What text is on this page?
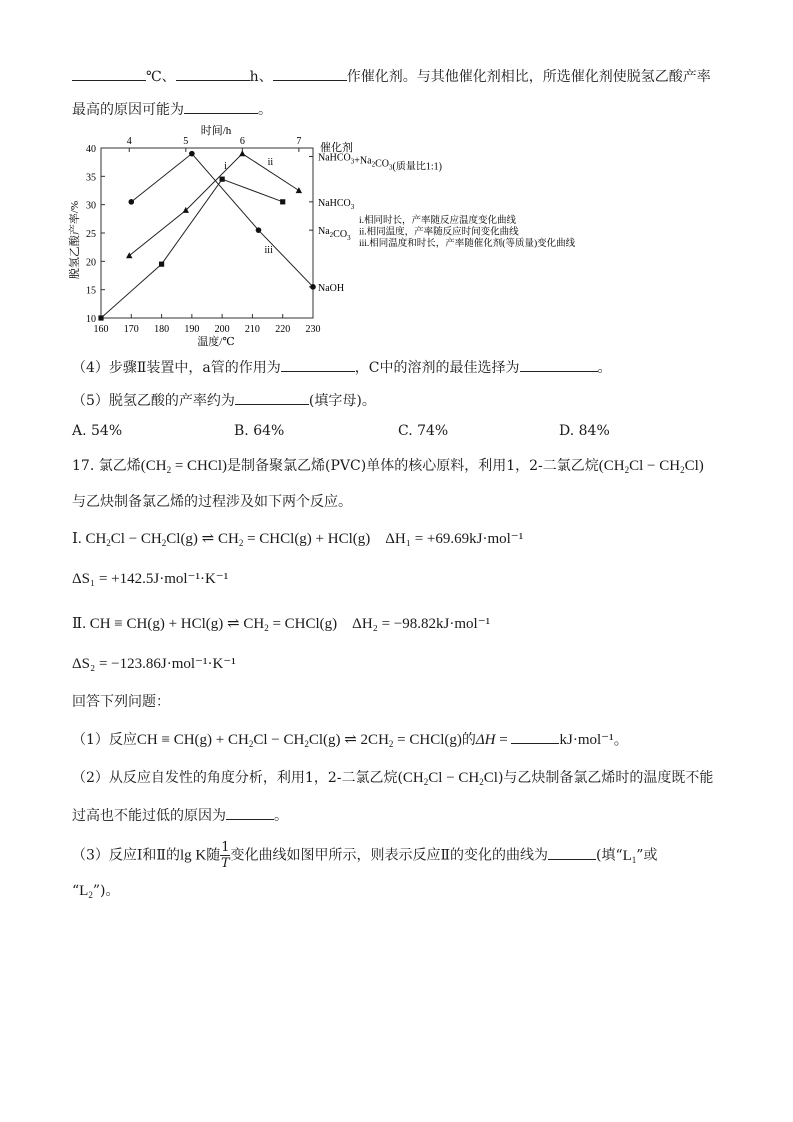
℃、	h、	作催化剂。与其他催化剂相比，所选催化剂使脱氢乙酸产率
最高的原因可能为	。
时间/h
脱氢乙酸产率/%
温度/℃
催化剂
160 170 180 190 200 210 220 230
10
15
20
25
30
35
40
4	5	6	7
$NaHCO_3+Na_2CO_3$(质量比1:1)
NaHCO$_3$
$Na_2CO_3$
NaOH
i	ii
iii
i.相同时长，产率随反应温度变化曲线
ii.相同温度，产率随反应时间变化曲线
iii.相同温度和时长，产率随催化剂(等质量)变化曲线
（4）步骤Ⅱ装置中，a管的作用为	，C中的溶剂的最佳选择为	。
（5）脱氢乙酸的产率约为	(填字母)。
A. 54%	B. 64%	C. 74%	D. 84%
17. 氯乙烯($CH_2$ = CHCl)是制备聚氯乙烯(PVC)单体的核心原料，利用1，2-二氯乙烷$(CH_2Cl - CH_2Cl)$
与乙炔制备氯乙烯的过程涉及如下两个反应。
Ⅰ. $CH_2Cl - CH_2Cl(g)$ ⇌ $CH_2$ = CHCl(g) + HCl(g)    ΔH₁ = +69.69kJ·mol⁻¹
ΔS₁ = +142.5J·mol⁻¹·K⁻¹
Ⅱ. CH ≡ CH(g) + HCl(g) ⇌ $CH_2$ = CHCl(g)    ΔH₂ = −98.82kJ·mol⁻¹
ΔS₂ = −123.86J·mol⁻¹·K⁻¹
回答下列问题：
（1）反应CH ≡ $CH(g) + CH_2Cl - CH_2Cl(g)$ ⇌ $2CH_2$ = CHCl(g)的ΔH =	kJ·mol⁻¹。
（2）从反应自发性的角度分析，利用1，2-二氯乙烷$(CH_2Cl - CH_2Cl)$与乙炔制备氯乙烯时的温度既不能
过高也不能过低的原因为	。
（3）反应Ⅰ和Ⅱ的lg K随 $\frac{1}{T}$ 变化曲线如图甲所示，则表示反应Ⅱ的变化的曲线为	(填“$L_1$”或
“$L_2$”)。
